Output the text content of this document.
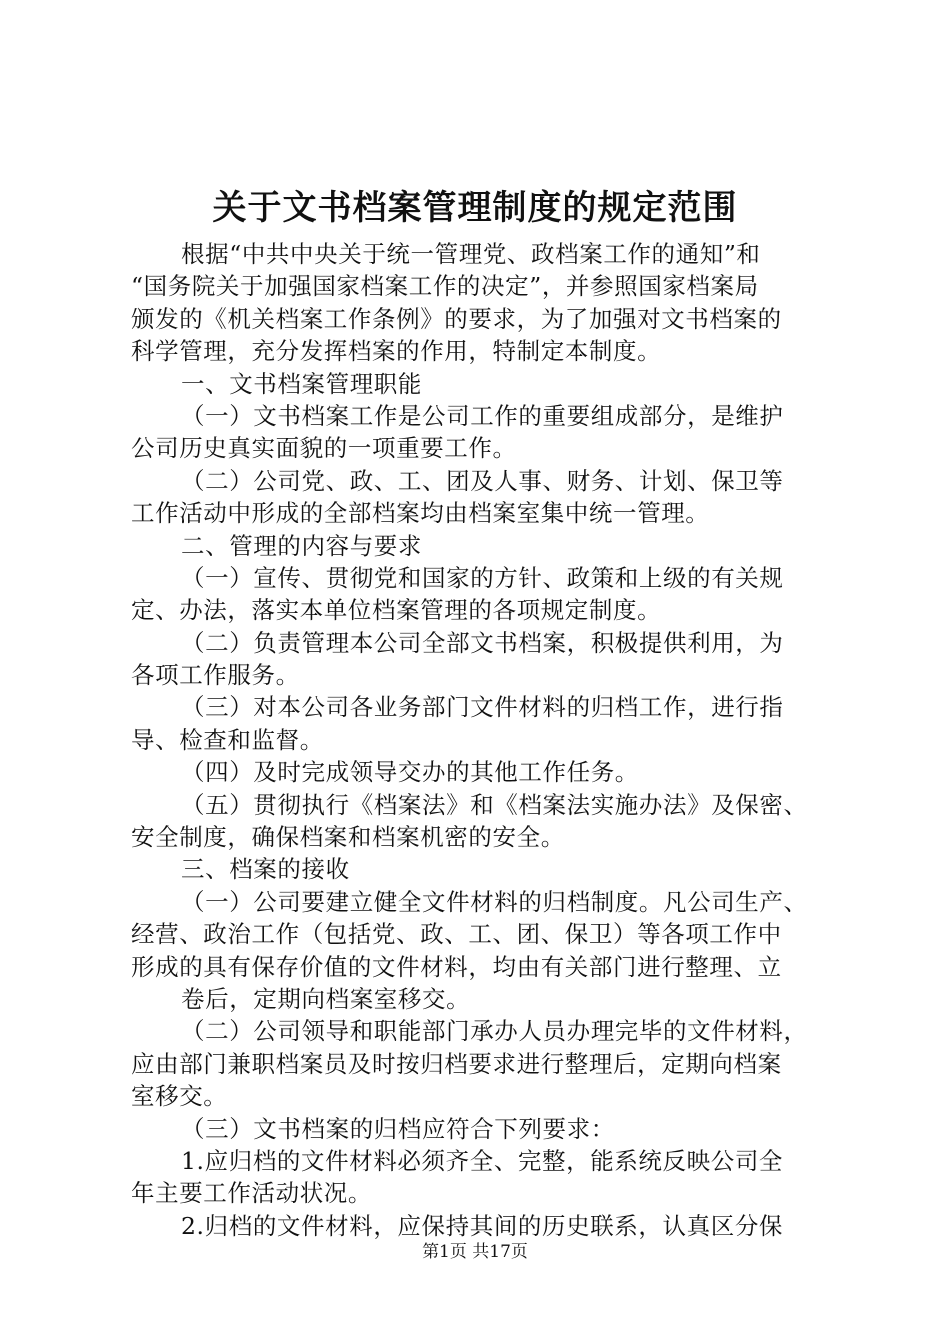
关于文书档案管理制度的规定范围
根据“中共中央关于统一管理党、政档案工作的通知”和
“国务院关于加强国家档案工作的决定”，并参照国家档案局
颁发的《机关档案工作条例》的要求，为了加强对文书档案的
科学管理，充分发挥档案的作用，特制定本制度。
一、文书档案管理职能
（一）文书档案工作是公司工作的重要组成部分，是维护
公司历史真实面貌的一项重要工作。
（二）公司党、政、工、团及人事、财务、计划、保卫等
工作活动中形成的全部档案均由档案室集中统一管理。
二、管理的内容与要求
（一）宣传、贯彻党和国家的方针、政策和上级的有关规
定、办法，落实本单位档案管理的各项规定制度。
（二）负责管理本公司全部文书档案，积极提供利用，为
各项工作服务。
（三）对本公司各业务部门文件材料的归档工作，进行指
导、检查和监督。
（四）及时完成领导交办的其他工作任务。
（五）贯彻执行《档案法》和《档案法实施办法》及保密、
安全制度，确保档案和档案机密的安全。
三、档案的接收
（一）公司要建立健全文件材料的归档制度。凡公司生产、
经营、政治工作（包括党、政、工、团、保卫）等各项工作中
形成的具有保存价值的文件材料，均由有关部门进行整理、立
卷后，定期向档案室移交。
（二）公司领导和职能部门承办人员办理完毕的文件材料，
应由部门兼职档案员及时按归档要求进行整理后，定期向档案
室移交。
（三）文书档案的归档应符合下列要求：
1.应归档的文件材料必须齐全、完整，能系统反映公司全
年主要工作活动状况。
2.归档的文件材料，应保持其间的历史联系，认真区分保
第1页 共17页
